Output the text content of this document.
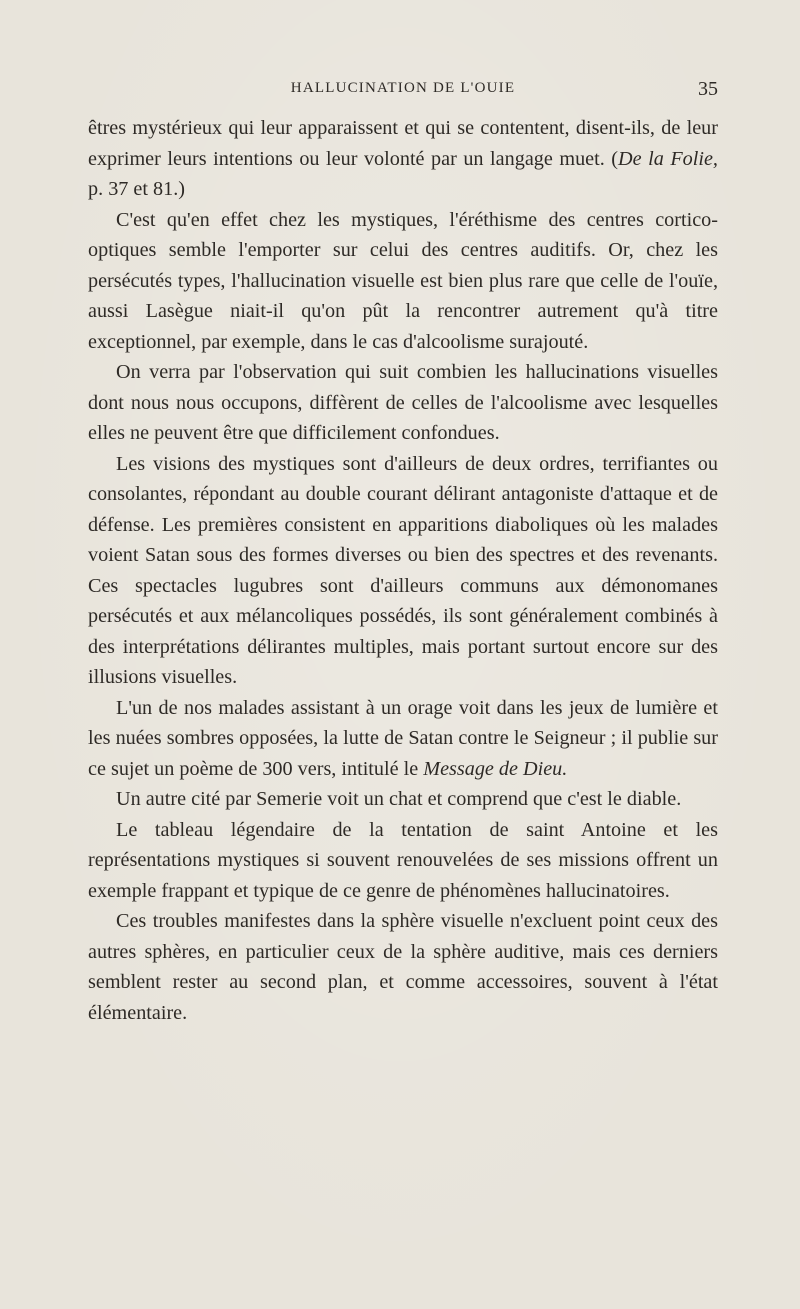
HALLUCINATION DE L'OUIE	35

êtres mystérieux qui leur apparaissent et qui se contentent, disent-ils, de leur exprimer leurs intentions ou leur volonté par un langage muet. (De la Folie, p. 37 et 81.)

C'est qu'en effet chez les mystiques, l'éréthisme des centres cortico-optiques semble l'emporter sur celui des centres auditifs. Or, chez les persécutés types, l'hallucination visuelle est bien plus rare que celle de l'ouïe, aussi Lasègue niait-il qu'on pût la rencontrer autrement qu'à titre exceptionnel, par exemple, dans le cas d'alcoolisme surajouté.

On verra par l'observation qui suit combien les hallucinations visuelles dont nous nous occupons, diffèrent de celles de l'alcoolisme avec lesquelles elles ne peuvent être que difficilement confondues.

Les visions des mystiques sont d'ailleurs de deux ordres, terrifiantes ou consolantes, répondant au double courant délirant antagoniste d'attaque et de défense. Les premières consistent en apparitions diaboliques où les malades voient Satan sous des formes diverses ou bien des spectres et des revenants. Ces spectacles lugubres sont d'ailleurs communs aux démonomanes persécutés et aux mélancoliques possédés, ils sont généralement combinés à des interprétations délirantes multiples, mais portant surtout encore sur des illusions visuelles.

L'un de nos malades assistant à un orage voit dans les jeux de lumière et les nuées sombres opposées, la lutte de Satan contre le Seigneur ; il publie sur ce sujet un poème de 300 vers, intitulé le Message de Dieu.

Un autre cité par Semerie voit un chat et comprend que c'est le diable.

Le tableau légendaire de la tentation de saint Antoine et les représentations mystiques si souvent renouvelées de ses missions offrent un exemple frappant et typique de ce genre de phénomènes hallucinatoires.

Ces troubles manifestes dans la sphère visuelle n'excluent point ceux des autres sphères, en particulier ceux de la sphère auditive, mais ces derniers semblent rester au second plan, et comme accessoires, souvent à l'état élémentaire.
